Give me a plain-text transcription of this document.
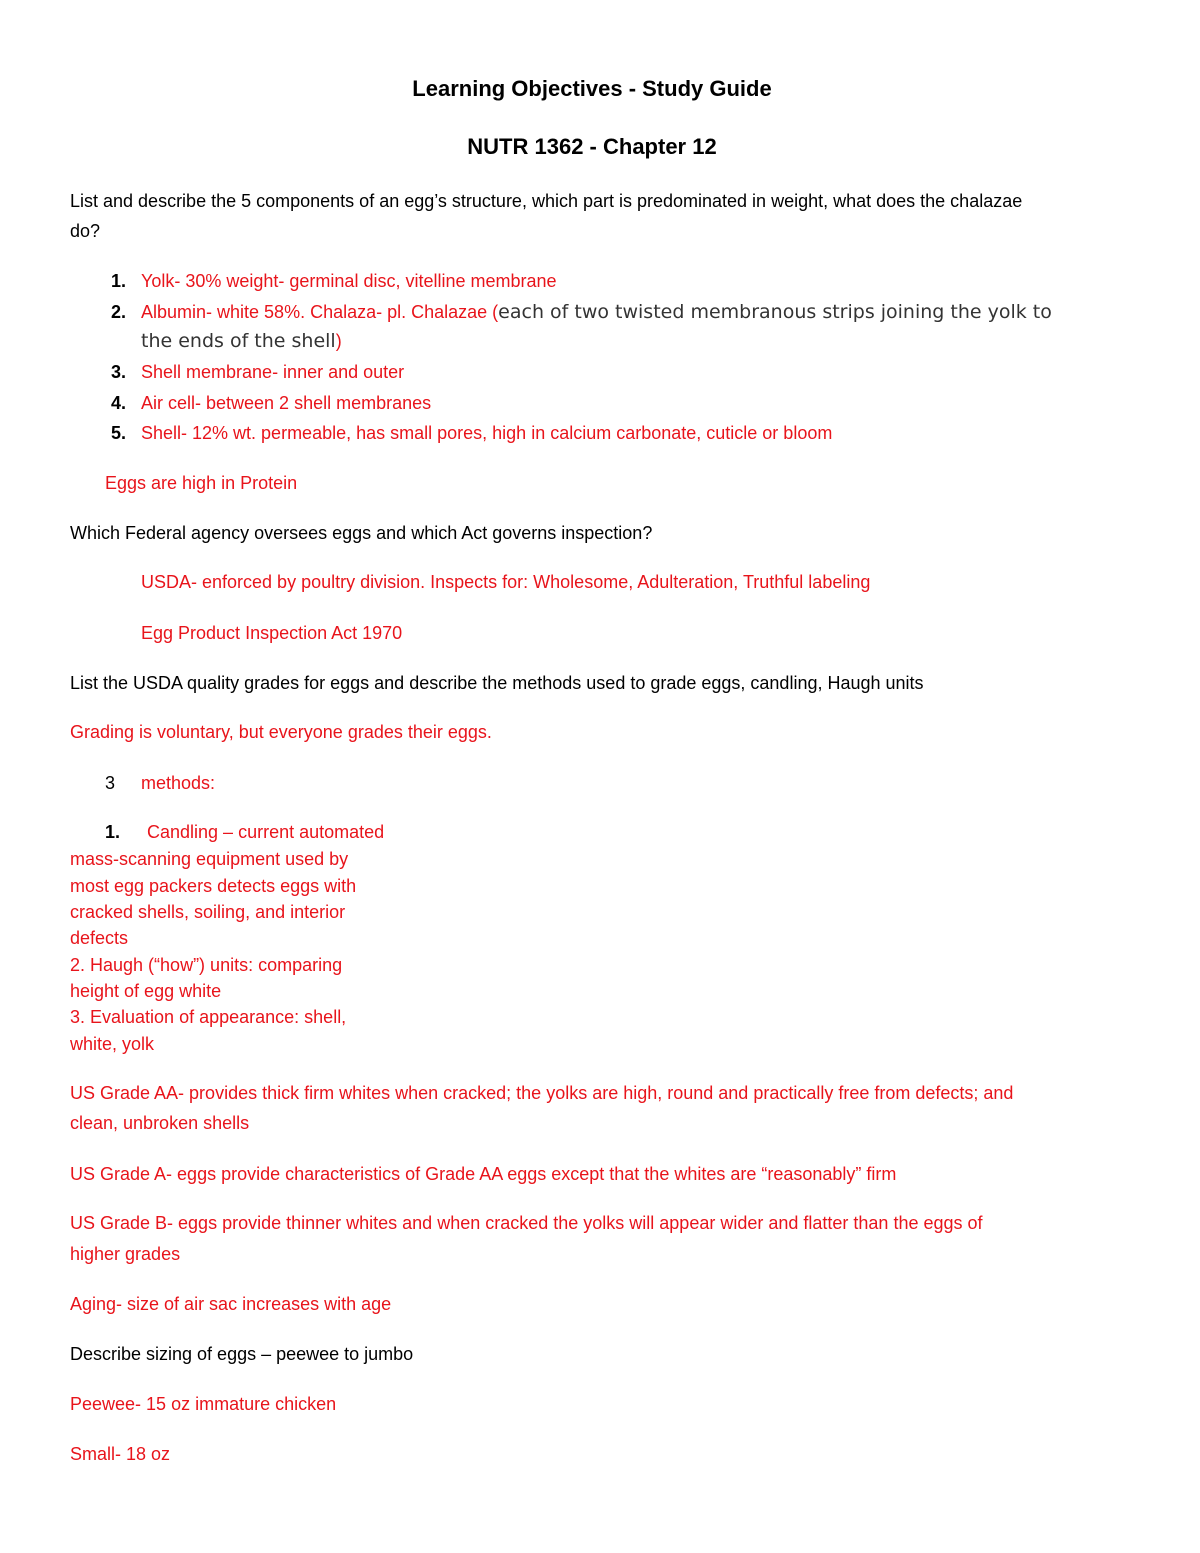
Learning Objectives - Study Guide
NUTR 1362 - Chapter 12
List and describe the 5 components of an egg’s structure, which part is predominated in weight, what does the chalazae
do?
1. Yolk- 30% weight- germinal disc, vitelline membrane
2. Albumin- white 58%. Chalaza- pl. Chalazae (each of two twisted membranous strips joining the yolk to
the ends of the shell)
3. Shell membrane- inner and outer
4. Air cell- between 2 shell membranes
5. Shell- 12% wt. permeable, has small pores, high in calcium carbonate, cuticle or bloom
Eggs are high in Protein
Which Federal agency oversees eggs and which Act governs inspection?
USDA- enforced by poultry division. Inspects for: Wholesome, Adulteration, Truthful labeling
Egg Product Inspection Act 1970
List the USDA quality grades for eggs and describe the methods used to grade eggs, candling, Haugh units
Grading is voluntary, but everyone grades their eggs.
3 methods:
1. Candling – current automated
mass-scanning equipment used by
most egg packers detects eggs with
cracked shells, soiling, and interior
defects
2. Haugh (“how”) units: comparing
height of egg white
3. Evaluation of appearance: shell,
white, yolk
US Grade AA- provides thick firm whites when cracked; the yolks are high, round and practically free from defects; and
clean, unbroken shells
US Grade A- eggs provide characteristics of Grade AA eggs except that the whites are “reasonably” firm
US Grade B- eggs provide thinner whites and when cracked the yolks will appear wider and flatter than the eggs of
higher grades
Aging- size of air sac increases with age
Describe sizing of eggs – peewee to jumbo
Peewee- 15 oz immature chicken
Small- 18 oz
